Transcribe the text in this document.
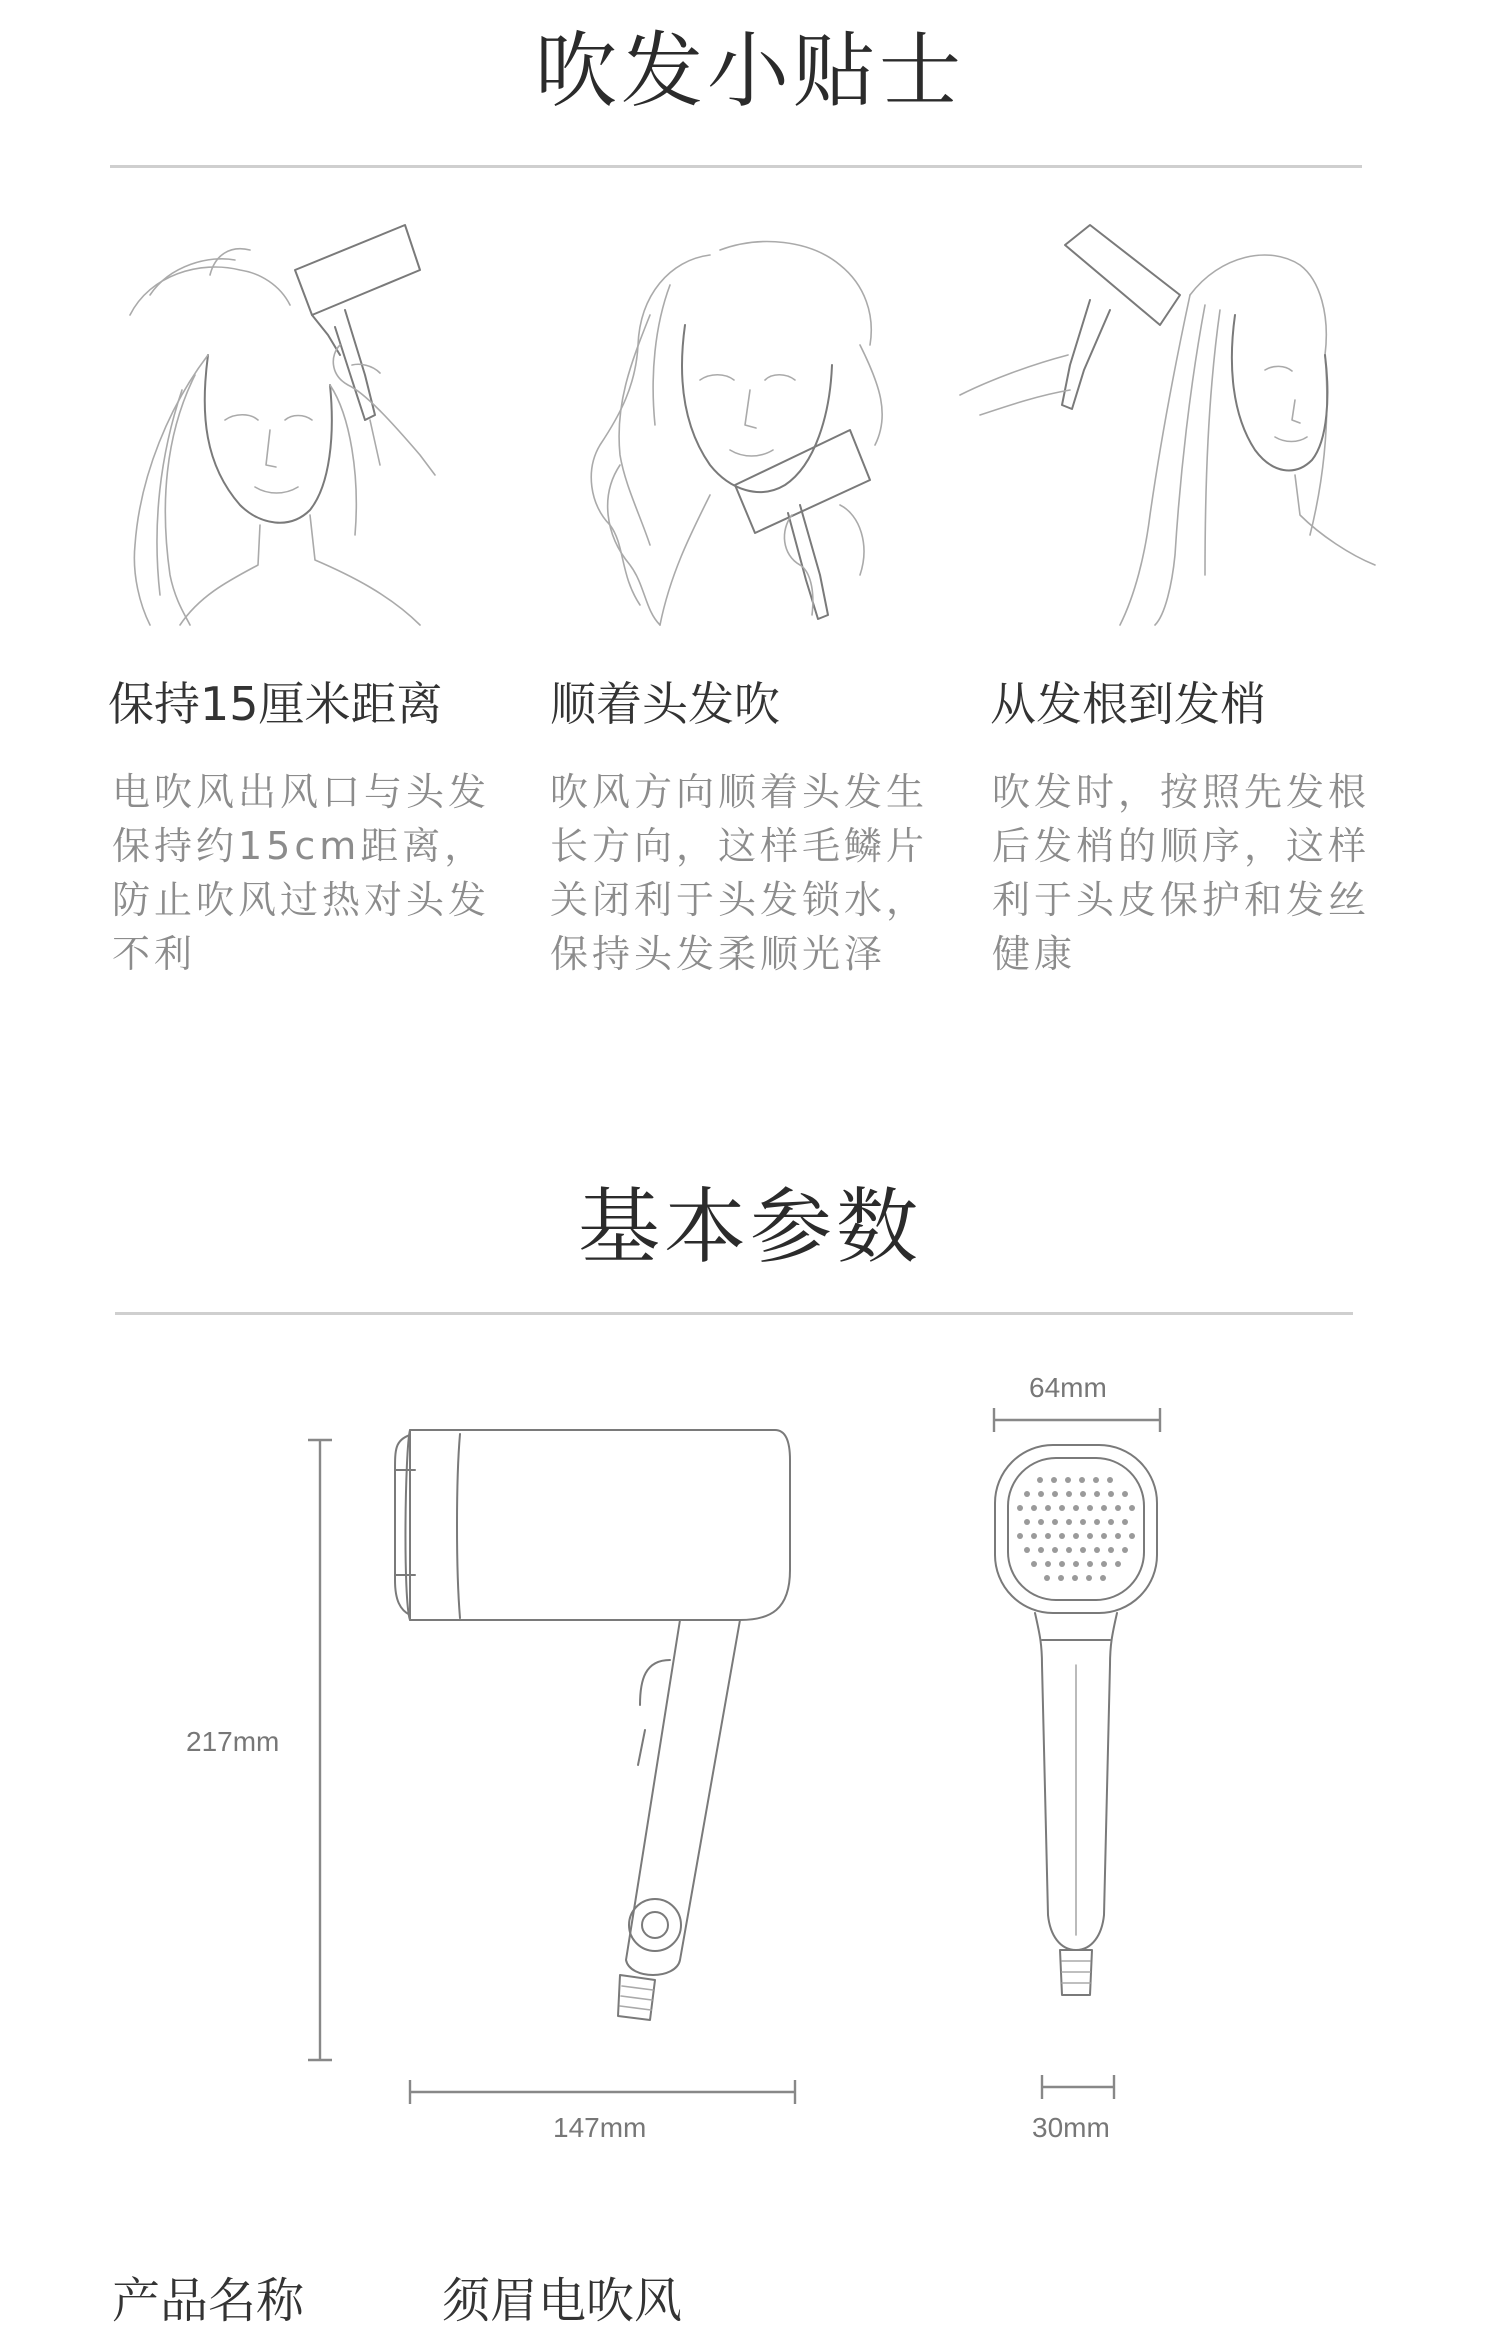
吹发小贴士
保持15厘米距离
电吹风出风口与头发保持约15cm距离，防止吹风过热对头发不利
顺着头发吹
吹风方向顺着头发生长方向，这样毛鳞片关闭利于头发锁水，保持头发柔顺光泽
从发根到发梢
吹发时，按照先发根后发梢的顺序，这样利于头皮保护和发丝健康
基本参数
217mm
147mm
64mm
30mm
产品名称	须眉电吹风
